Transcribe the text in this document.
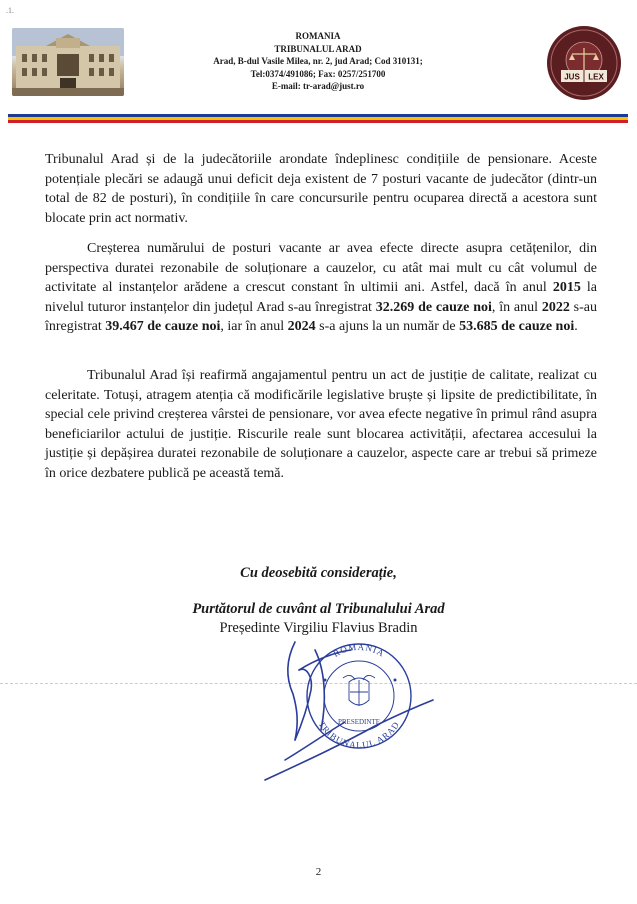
.1.
ROMANIA
TRIBUNALUL ARAD
Arad, B-dul Vasile Milea, nr. 2, jud Arad; Cod 310131;
Tel:0374/491086; Fax: 0257/251700
E-mail: tr-arad@just.ro
JUS LEX
Tribunalul Arad și de la judecătoriile arondate îndeplinesc condițiile de pensionare. Aceste potențiale plecări se adaugă unui deficit deja existent de 7 posturi vacante de judecător (dintr-un total de 82 de posturi), în condițiile în care concursurile pentru ocuparea directă a acestora sunt blocate prin act normativ.
Creșterea numărului de posturi vacante ar avea efecte directe asupra cetățenilor, din perspectiva duratei rezonabile de soluționare a cauzelor, cu atât mai mult cu cât volumul de activitate al instanțelor arădene a crescut constant în ultimii ani. Astfel, dacă în anul 2015 la nivelul tuturor instanțelor din județul Arad s-au înregistrat 32.269 de cauze noi, în anul 2022 s-au înregistrat 39.467 de cauze noi, iar în anul 2024 s-a ajuns la un număr de 53.685 de cauze noi.
Tribunalul Arad își reafirmă angajamentul pentru un act de justiție de calitate, realizat cu celeritate. Totuși, atragem atenția că modificările legislative bruște și lipsite de predictibilitate, în special cele privind creșterea vârstei de pensionare, vor avea efecte negative în primul rând asupra beneficiarilor actului de justiție. Riscurile reale sunt blocarea activității, afectarea accesului la justiție și depășirea duratei rezonabile de soluționare a cauzelor, aspecte care ar trebui să primeze în orice dezbatere publică pe această temă.
Cu deosebită considerație,
Purtătorul de cuvânt al Tribunalului Arad
Președinte Virgiliu Flavius Bradin
ROMANIA
TRIBUNALUL ARAD
PRESEDINTE
2
